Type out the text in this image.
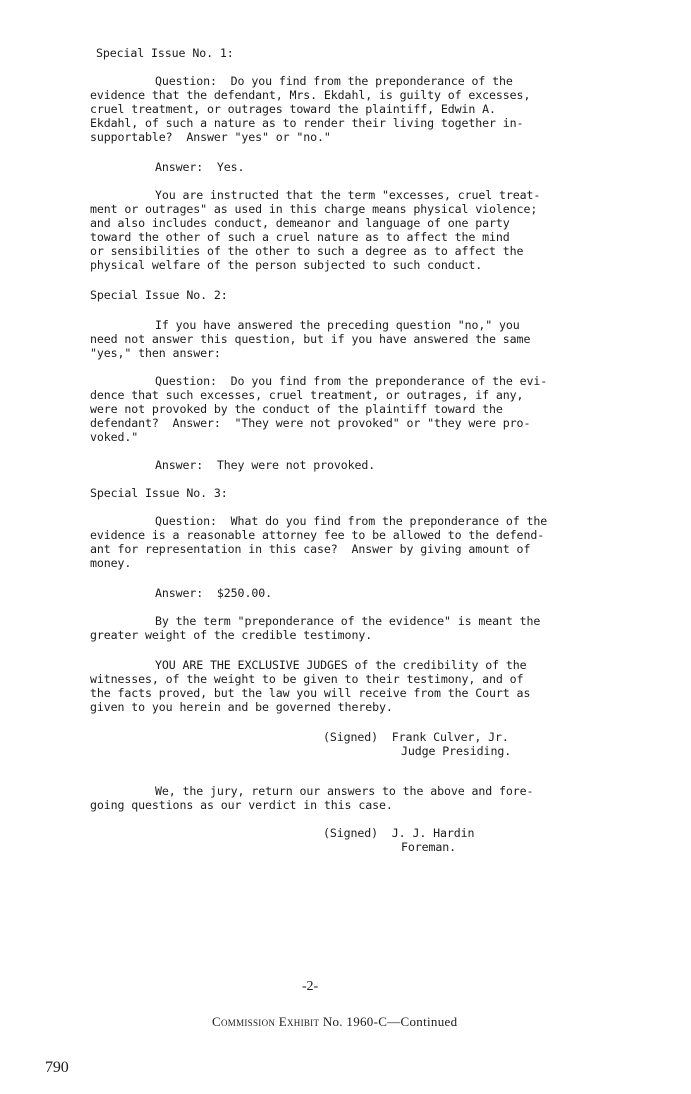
Special Issue No. 1:
Question:  Do you find from the preponderance of the
evidence that the defendant, Mrs. Ekdahl, is guilty of excesses,
cruel treatment, or outrages toward the plaintiff, Edwin A.
Ekdahl, of such a nature as to render their living together in-
supportable?  Answer "yes" or "no."
Answer:  Yes.
You are instructed that the term "excesses, cruel treat-
ment or outrages" as used in this charge means physical violence;
and also includes conduct, demeanor and language of one party
toward the other of such a cruel nature as to affect the mind
or sensibilities of the other to such a degree as to affect the
physical welfare of the person subjected to such conduct.
Special Issue No. 2:
If you have answered the preceding question "no," you
need not answer this question, but if you have answered the same
"yes," then answer:
Question:  Do you find from the preponderance of the evi-
dence that such excesses, cruel treatment, or outrages, if any,
were not provoked by the conduct of the plaintiff toward the
defendant?  Answer:  "They were not provoked" or "they were pro-
voked."
Answer:  They were not provoked.
Special Issue No. 3:
Question:  What do you find from the preponderance of the
evidence is a reasonable attorney fee to be allowed to the defend-
ant for representation in this case?  Answer by giving amount of
money.
Answer:  $250.00.
By the term "preponderance of the evidence" is meant the
greater weight of the credible testimony.
YOU ARE THE EXCLUSIVE JUDGES of the credibility of the
witnesses, of the weight to be given to their testimony, and of
the facts proved, but the law you will receive from the Court as
given to you herein and be governed thereby.
(Signed)  Frank Culver, Jr.
Judge Presiding.
We, the jury, return our answers to the above and fore-
going questions as our verdict in this case.
(Signed)  J. J. Hardin
Foreman.
-2-
Commission Exhibit No. 1960-C—Continued
790
